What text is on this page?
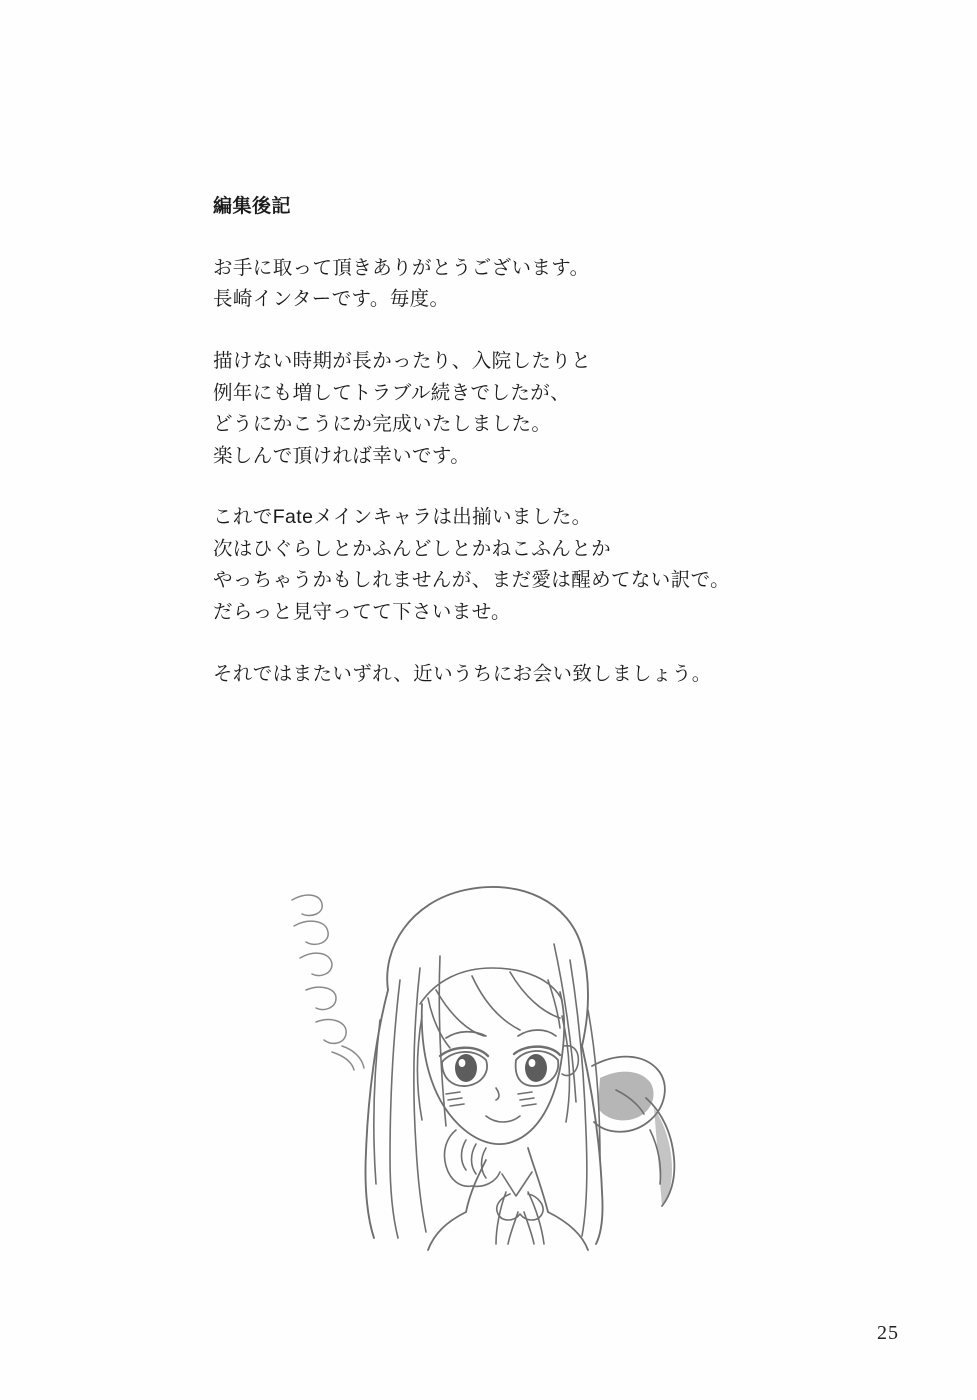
編集後記

お手に取って頂きありがとうございます。
長崎インターです。毎度。

描けない時期が長かったり、入院したりと
例年にも増してトラブル続きでしたが、
どうにかこうにか完成いたしました。
楽しんで頂ければ幸いです。

これでFateメインキャラは出揃いました。
次はひぐらしとかふんどしとかねこふんとか
やっちゃうかもしれませんが、まだ愛は醒めてない訳で。
だらっと見守ってて下さいませ。

それではまたいずれ、近いうちにお会い致しましょう。

25
